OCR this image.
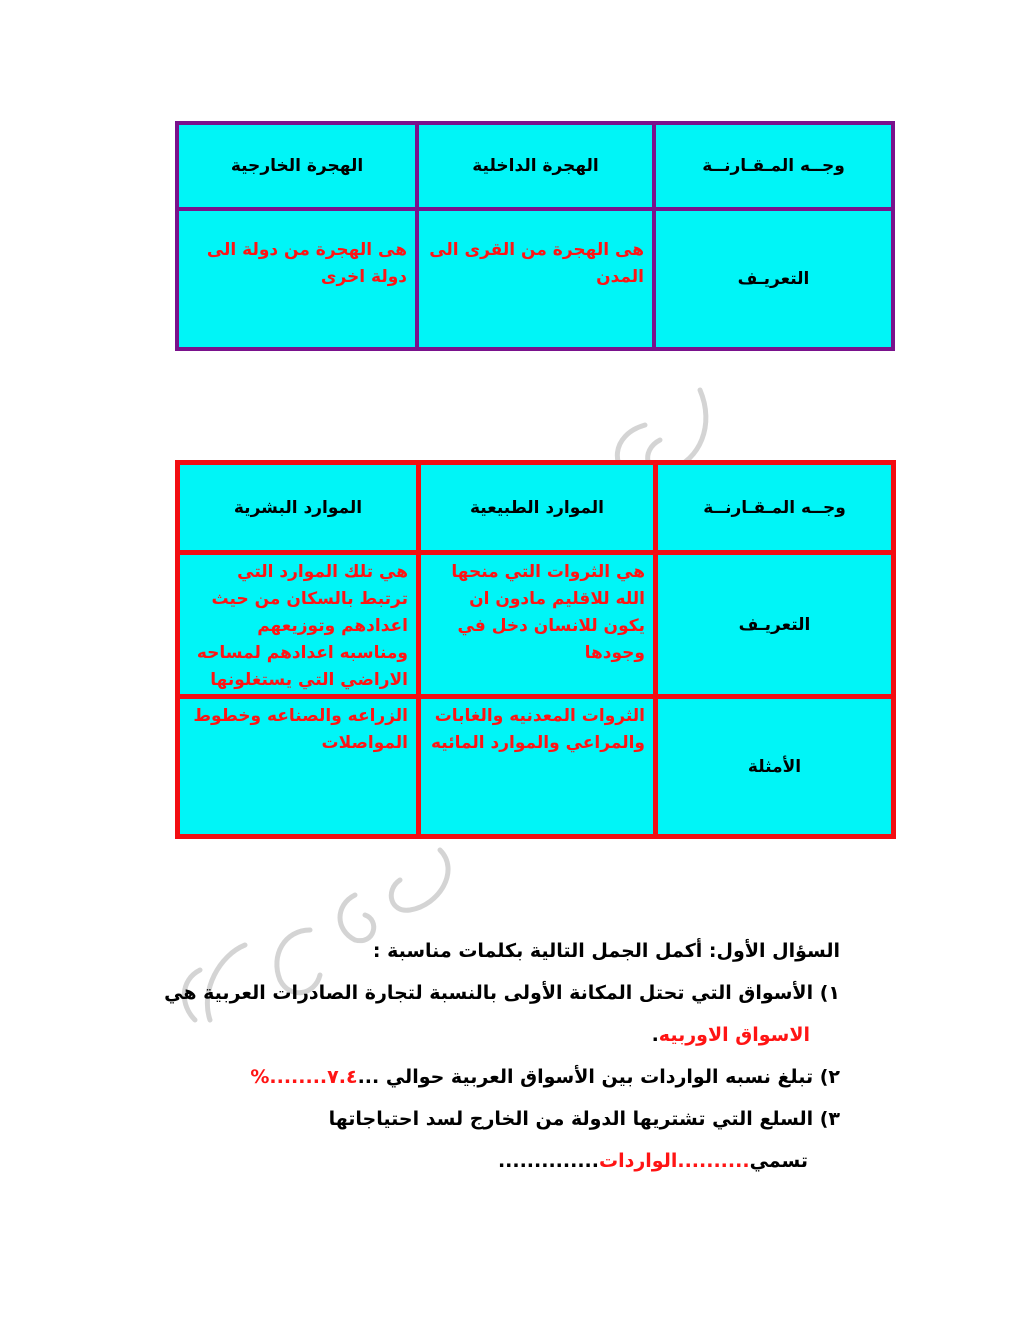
وجــه المـقـارنــة	الهجرة الداخلية	الهجرة الخارجية
التعريـف	هى الهجرة من القرى الى المدن	هى الهجرة من دولة الى دولة اخرى
وجــه المـقـارنــة	الموارد الطبيعية	الموارد البشرية
التعريـف	هي الثروات التي منحها الله للاقليم مادون ان يكون للانسان دخل في وجودها	هي تلك الموارد التي ترتبط بالسكان من حيث اعدادهم وتوزيعهم ومناسبه اعدادهم لمساحه الاراضي التي يستغلونها
الأمثلة	الثروات المعدنيه والغابات والمراعي والموارد المائيه	الزراعه والصناعه وخطوط المواصلات
السؤال الأول: أكمل الجمل التالية بكلمات مناسبة :
١) الأسواق التي تحتل المكانة الأولى بالنسبة لتجارة الصادرات العربية هي
الاسواق الاوربيه.
٢) تبلغ نسبه الواردات بين الأسواق العربية حوالي ...٧.٤........%
٣) السلع التي تشتريها الدولة من الخارج لسد احتياجاتها
تسمي..........الواردات..............
